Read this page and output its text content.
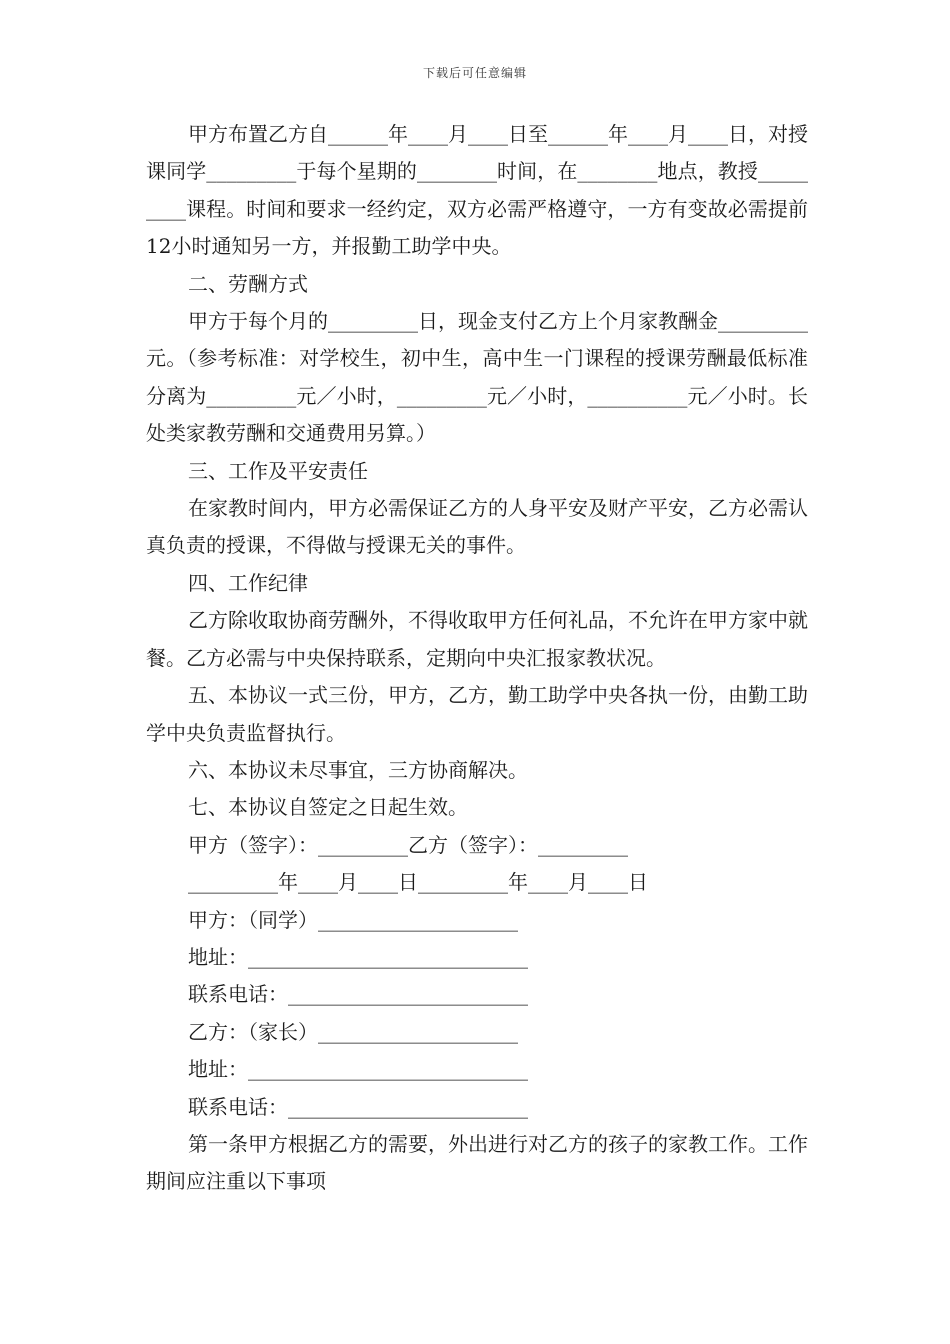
下载后可任意编辑

甲方布置乙方自______年____月____日至______年____月____日，对授课同学_________于每个星期的________时间，在________地点，教授_________课程。时间和要求一经约定，双方必需严格遵守，一方有变故必需提前12小时通知另一方，并报勤工助学中央。

二、劳酬方式

甲方于每个月的_________日，现金支付乙方上个月家教酬金_________元。（参考标准：对学校生，初中生，高中生一门课程的授课劳酬最低标准分离为_________元／小时，_________元／小时，__________元／小时。长处类家教劳酬和交通费用另算。）

三、工作及平安责任

在家教时间内，甲方必需保证乙方的人身平安及财产平安，乙方必需认真负责的授课，不得做与授课无关的事件。

四、工作纪律

乙方除收取协商劳酬外，不得收取甲方任何礼品，不允许在甲方家中就餐。乙方必需与中央保持联系，定期向中央汇报家教状况。

五、本协议一式三份，甲方，乙方，勤工助学中央各执一份，由勤工助学中央负责监督执行。

六、本协议未尽事宜，三方协商解决。

七、本协议自签定之日起生效。

甲方（签字）：_________乙方（签字）：_________

_________年____月____日_________年____月____日

甲方：（同学）____________________

地址：____________________________

联系电话：________________________

乙方：（家长）____________________

地址：____________________________

联系电话：________________________

第一条甲方根据乙方的需要，外出进行对乙方的孩子的家教工作。工作期间应注重以下事项
